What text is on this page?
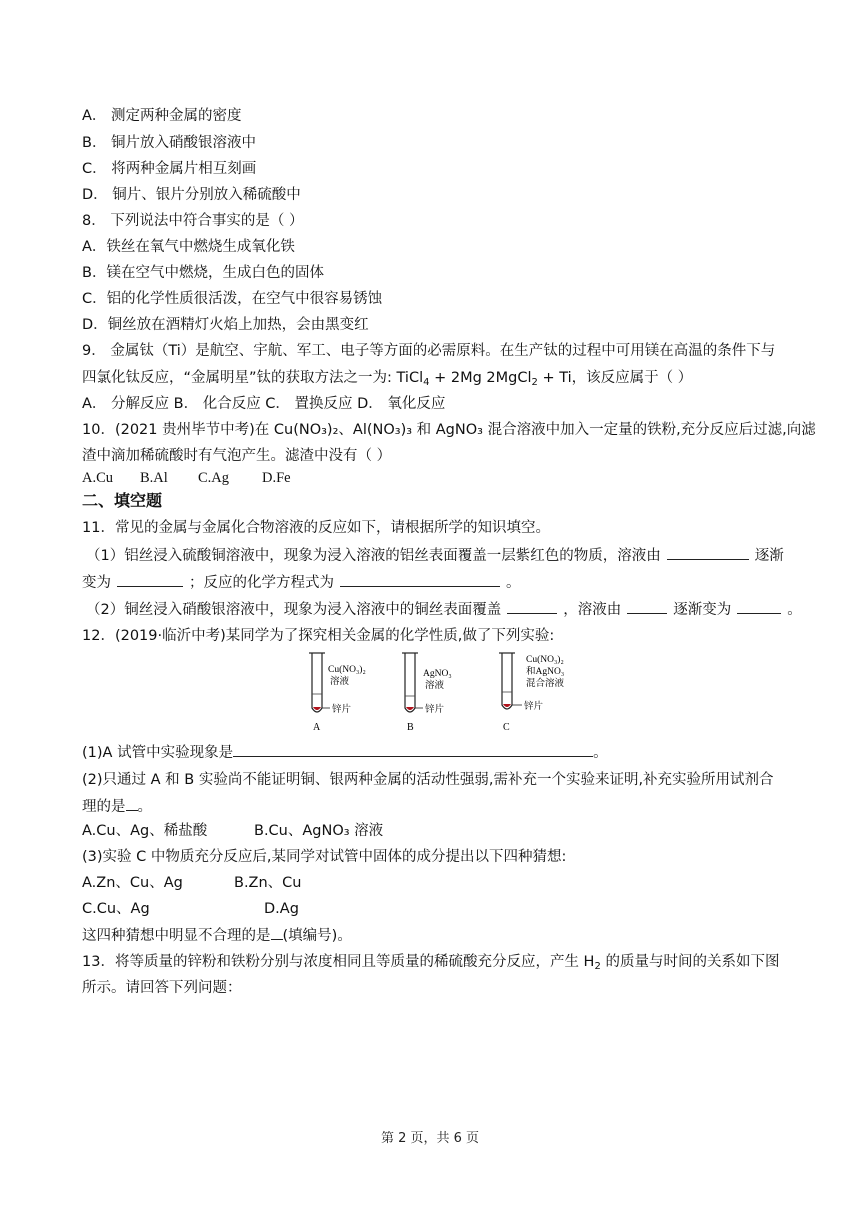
A． 测定两种金属的密度
B． 铜片放入硝酸银溶液中
C． 将两种金属片相互刻画
D． 铜片、银片分别放入稀硫酸中
8． 下列说法中符合事实的是（ ）
A．铁丝在氧气中燃烧生成氧化铁
B．镁在空气中燃烧，生成白色的固体
C．铝的化学性质很活泼，在空气中很容易锈蚀
D．铜丝放在酒精灯火焰上加热，会由黑变红
9． 金属钛（Ti）是航空、宇航、军工、电子等方面的必需原料。在生产钛的过程中可用镁在高温的条件下与
四氯化钛反应，“金属明星”钛的获取方法之一为: TiCl$_4$ + 2Mg 2MgCl$_2$ + Ti，该反应属于（ ）
A． 分解反应 B． 化合反应 C． 置换反应 D． 氧化反应
10．(2021 贵州毕节中考)在 Cu(NO₃)₂、Al(NO₃)₃ 和 AgNO₃ 混合溶液中加入一定量的铁粉,充分反应后过滤,向滤
渣中滴加稀硫酸时有气泡产生。滤渣中没有（ ）
A.Cu B.Al C.Ag D.Fe
二、填空题
11．常见的金属与金属化合物溶液的反应如下，请根据所学的知识填空。
（1）铝丝浸入硫酸铜溶液中，现象为浸入溶液的铝丝表面覆盖一层紫红色的物质，溶液由	逐渐
变为	；反应的化学方程式为	。
（2）铜丝浸入硝酸银溶液中，现象为浸入溶液中的铜丝表面覆盖	，溶液由	逐渐变为	。
12．(2019·临沂中考)某同学为了探究相关金属的化学性质,做了下列实验:
Cu(NO₃)₂
溶液
锌片
A
AgNO₃
溶液
锌片
B
Cu(NO₃)₂
和AgNO₃
混合溶液
锌片
C
(1)A 试管中实验现象是	。
(2)只通过 A 和 B 实验尚不能证明铜、银两种金属的活动性强弱,需补充一个实验来证明,补充实验所用试剂合
理的是 。
A.Cu、Ag、稀盐酸	B.Cu、AgNO₃ 溶液
(3)实验 C 中物质充分反应后,某同学对试管中固体的成分提出以下四种猜想:
A.Zn、Cu、Ag	B.Zn、Cu
C.Cu、Ag	D.Ag
这四种猜想中明显不合理的是 (填编号)。
13．将等质量的锌粉和铁粉分别与浓度相同且等质量的稀硫酸充分反应，产生 $H_2$ 的质量与时间的关系如下图
所示。请回答下列问题：
第 2 页，共 6 页
